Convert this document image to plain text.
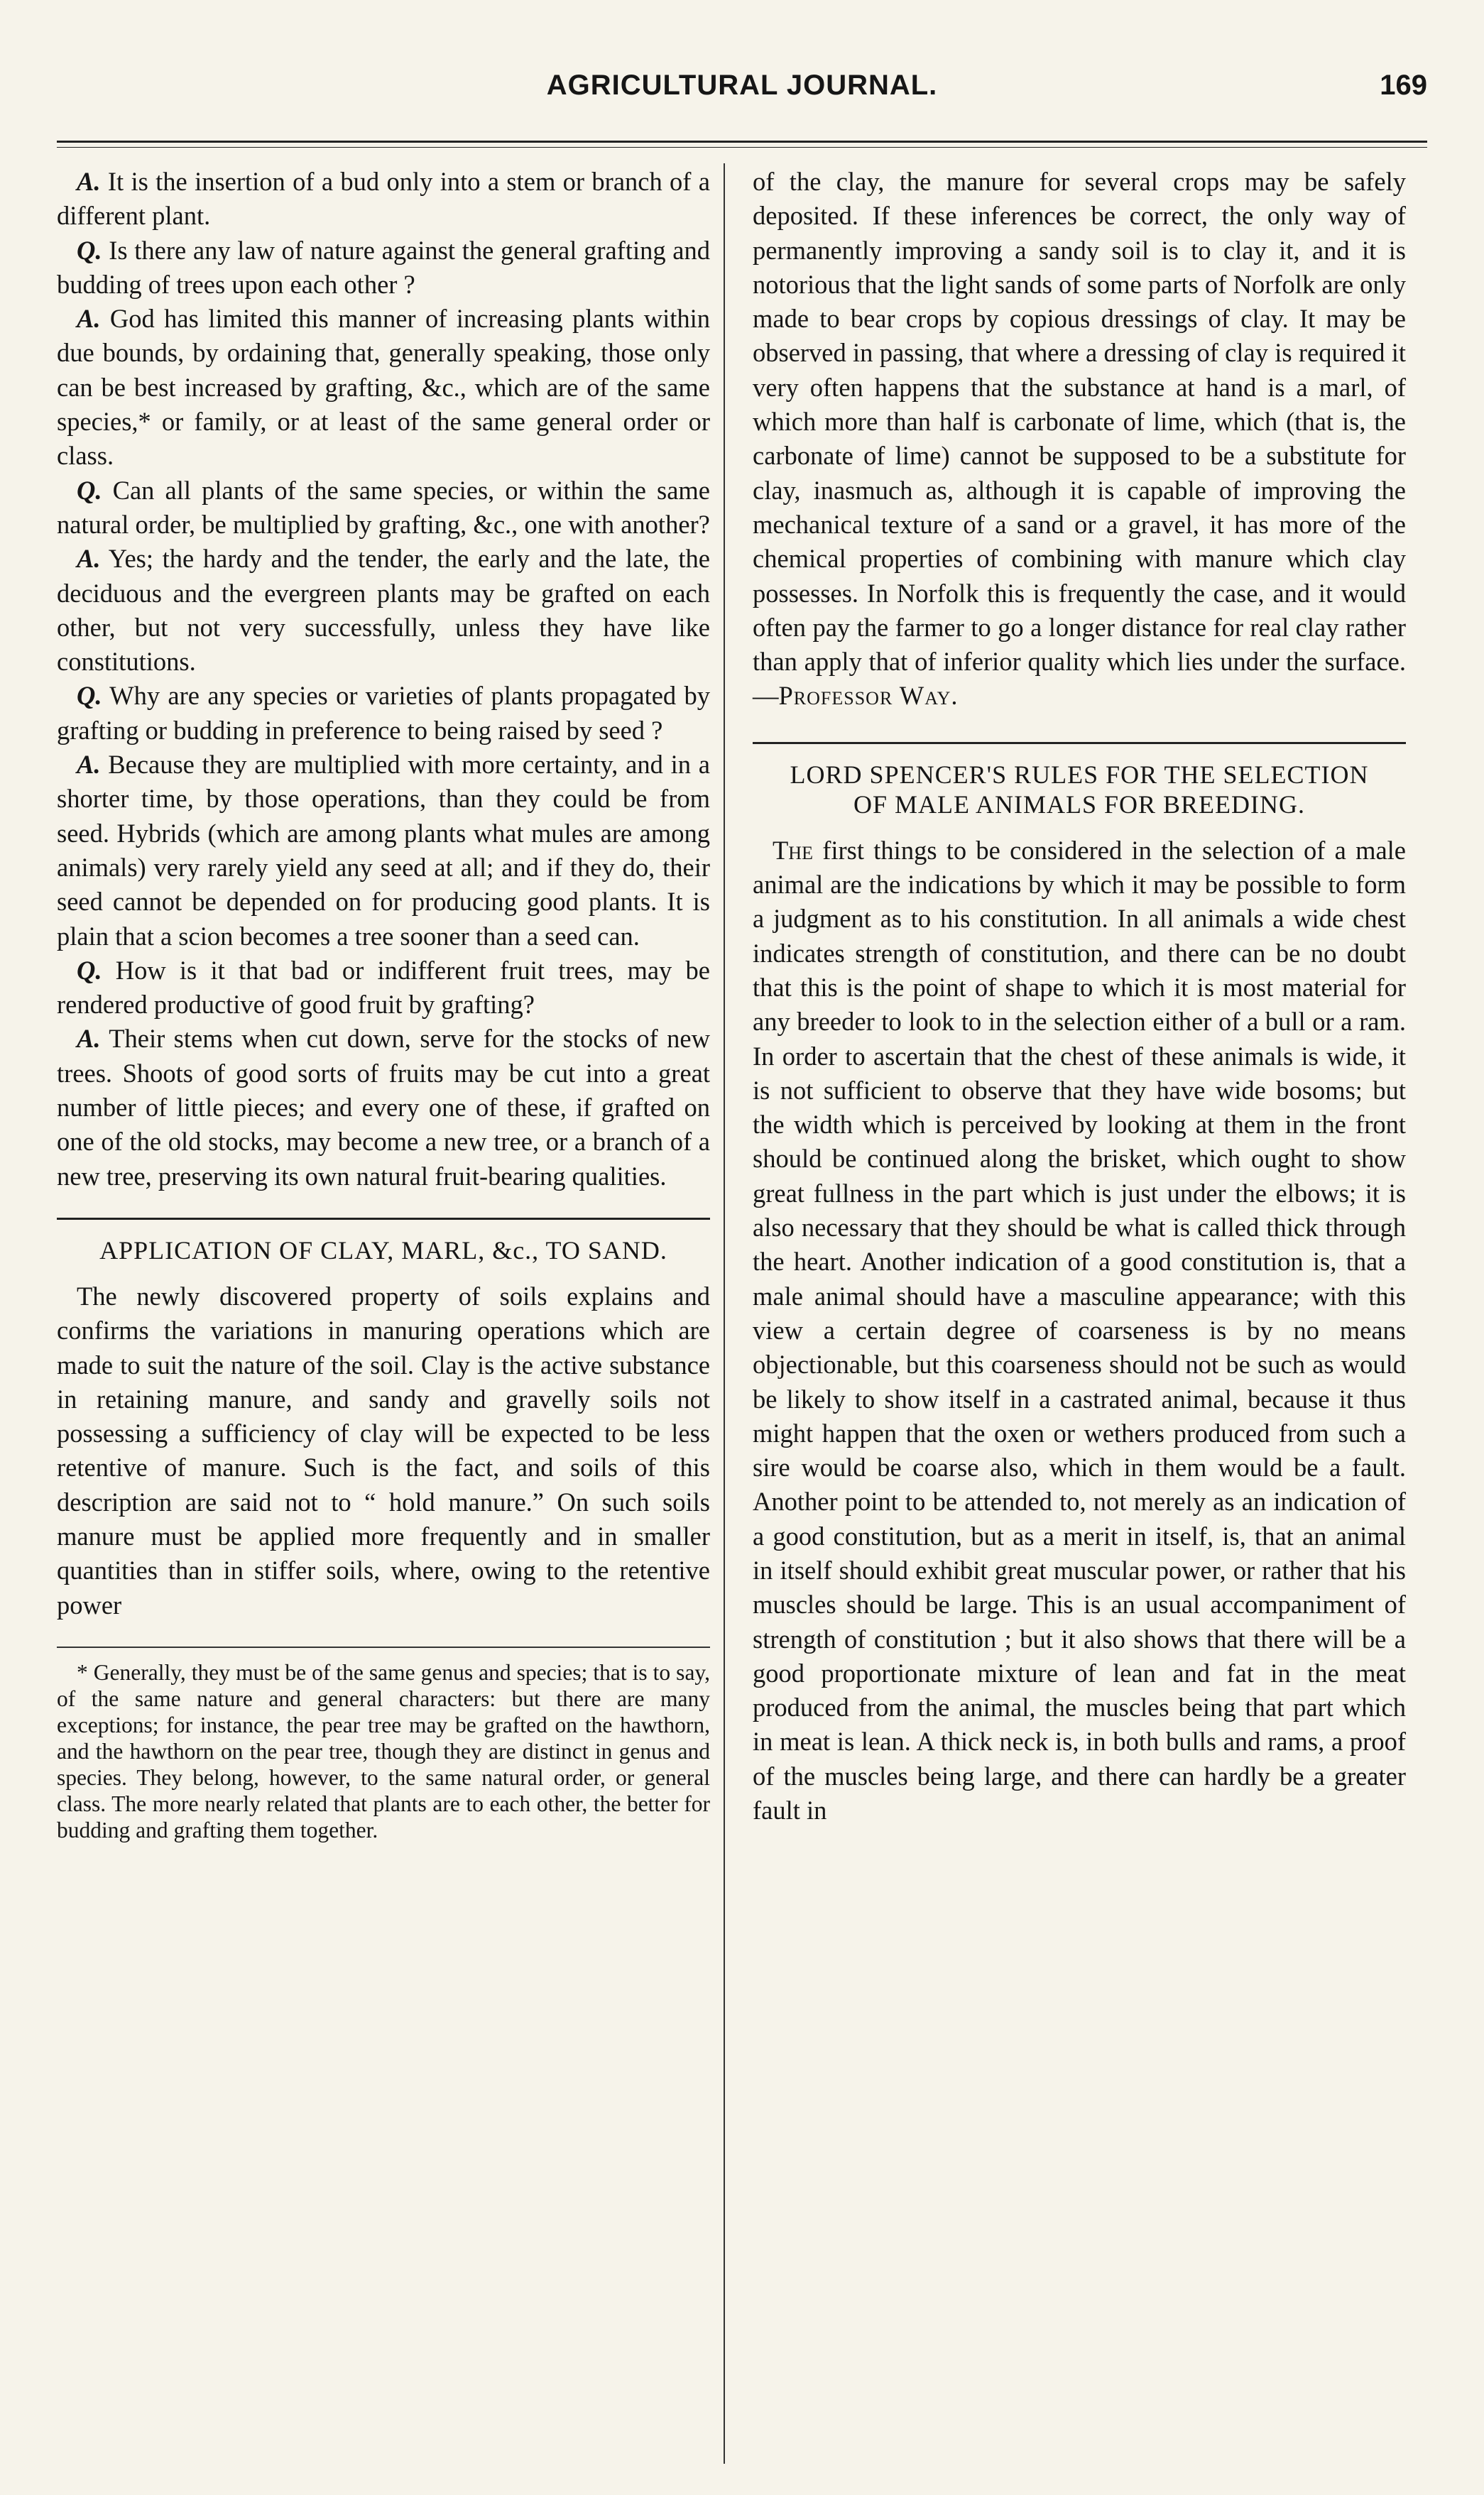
AGRICULTURAL JOURNAL.	169

A. It is the insertion of a bud only into a stem or branch of a different plant.

Q. Is there any law of nature against the general grafting and budding of trees upon each other ?

A. God has limited this manner of increasing plants within due bounds, by ordaining that, generally speaking, those only can be best increased by grafting, &c., which are of the same species,* or family, or at least of the same general order or class.

Q. Can all plants of the same species, or within the same natural order, be multiplied by grafting, &c., one with another?

A. Yes; the hardy and the tender, the early and the late, the deciduous and the evergreen plants may be grafted on each other, but not very successfully, unless they have like constitutions.

Q. Why are any species or varieties of plants propagated by grafting or budding in preference to being raised by seed ?

A. Because they are multiplied with more certainty, and in a shorter time, by those operations, than they could be from seed. Hybrids (which are among plants what mules are among animals) very rarely yield any seed at all; and if they do, their seed cannot be depended on for producing good plants. It is plain that a scion becomes a tree sooner than a seed can.

Q. How is it that bad or indifferent fruit trees, may be rendered productive of good fruit by grafting?

A. Their stems when cut down, serve for the stocks of new trees. Shoots of good sorts of fruits may be cut into a great number of little pieces; and every one of these, if grafted on one of the old stocks, may become a new tree, or a branch of a new tree, preserving its own natural fruit-bearing qualities.

APPLICATION OF CLAY, MARL, &c., TO SAND.

The newly discovered property of soils explains and confirms the variations in manuring operations which are made to suit the nature of the soil. Clay is the active substance in retaining manure, and sandy and gravelly soils not possessing a sufficiency of clay will be expected to be less retentive of manure. Such is the fact, and soils of this description are said not to “ hold manure.” On such soils manure must be applied more frequently and in smaller quantities than in stiffer soils, where, owing to the retentive power

* Generally, they must be of the same genus and species; that is to say, of the same nature and general characters: but there are many exceptions; for instance, the pear tree may be grafted on the hawthorn, and the hawthorn on the pear tree, though they are distinct in genus and species. They belong, however, to the same natural order, or general class. The more nearly related that plants are to each other, the better for budding and grafting them together.

of the clay, the manure for several crops may be safely deposited. If these inferences be correct, the only way of permanently improving a sandy soil is to clay it, and it is notorious that the light sands of some parts of Norfolk are only made to bear crops by copious dressings of clay. It may be observed in passing, that where a dressing of clay is required it very often happens that the substance at hand is a marl, of which more than half is carbonate of lime, which (that is, the carbonate of lime) cannot be supposed to be a substitute for clay, inasmuch as, although it is capable of improving the mechanical texture of a sand or a gravel, it has more of the chemical properties of combining with manure which clay possesses. In Norfolk this is frequently the case, and it would often pay the farmer to go a longer distance for real clay rather than apply that of inferior quality which lies under the surface.—Professor Way.

LORD SPENCER'S RULES FOR THE SELECTION OF MALE ANIMALS FOR BREEDING.

The first things to be considered in the selection of a male animal are the indications by which it may be possible to form a judgment as to his constitution. In all animals a wide chest indicates strength of constitution, and there can be no doubt that this is the point of shape to which it is most material for any breeder to look to in the selection either of a bull or a ram. In order to ascertain that the chest of these animals is wide, it is not sufficient to observe that they have wide bosoms; but the width which is perceived by looking at them in the front should be continued along the brisket, which ought to show great fullness in the part which is just under the elbows; it is also necessary that they should be what is called thick through the heart. Another indication of a good constitution is, that a male animal should have a masculine appearance; with this view a certain degree of coarseness is by no means objectionable, but this coarseness should not be such as would be likely to show itself in a castrated animal, because it thus might happen that the oxen or wethers produced from such a sire would be coarse also, which in them would be a fault. Another point to be attended to, not merely as an indication of a good constitution, but as a merit in itself, is, that an animal in itself should exhibit great muscular power, or rather that his muscles should be large. This is an usual accompaniment of strength of constitution ; but it also shows that there will be a good proportionate mixture of lean and fat in the meat produced from the animal, the muscles being that part which in meat is lean. A thick neck is, in both bulls and rams, a proof of the muscles being large, and there can hardly be a greater fault in
